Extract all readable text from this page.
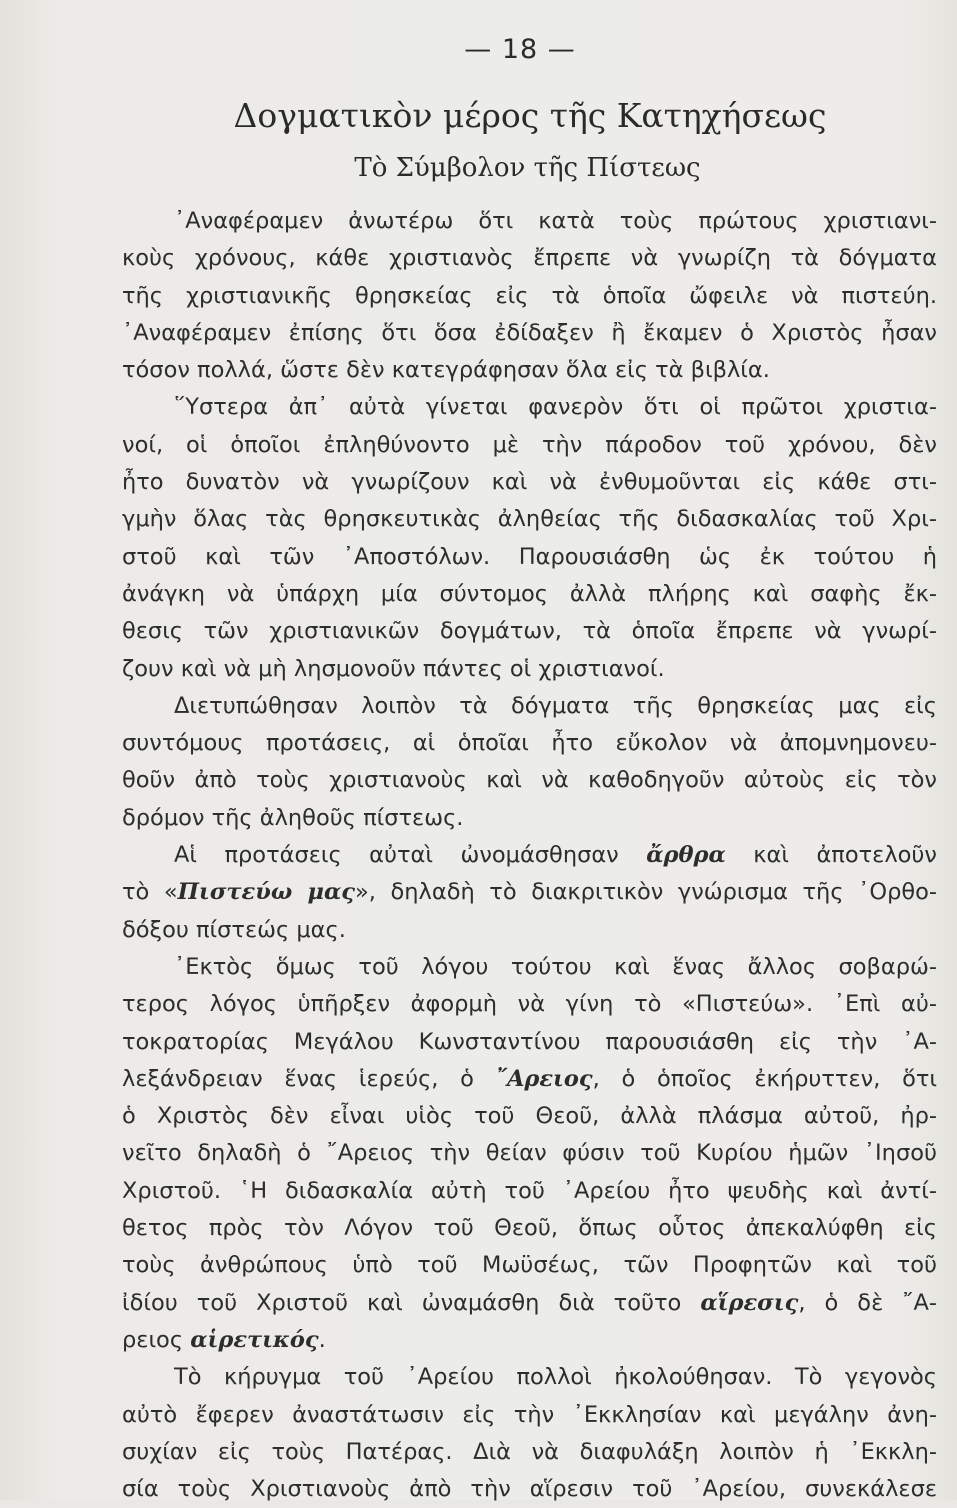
— 18 —
Δογματικὸν μέρος τῆς Κατηχήσεως
Τὸ Σύμβολον τῆς Πίστεως
᾿Αναφέραμεν ἀνωτέρω ὅτι κατὰ τοὺς πρώτους χριστιανι-
κοὺς χρόνους, κάθε χριστιανὸς ἔπρεπε νὰ γνωρίζη τὰ δόγματα
τῆς χριστιανικῆς θρησκείας εἰς τὰ ὁποῖα ὤφειλε νὰ πιστεύη.
᾿Αναφέραμεν ἐπίσης ὅτι ὅσα ἐδίδαξεν ἢ ἔκαμεν ὁ Χριστὸς ἦσαν
τόσον πολλά, ὥστε δὲν κατεγράφησαν ὅλα εἰς τὰ βιβλία.
῞Υστερα ἀπ᾿ αὐτὰ γίνεται φανερὸν ὅτι οἱ πρῶτοι χριστια-
νοί, οἱ ὁποῖοι ἐπληθύνοντο μὲ τὴν πάροδον τοῦ χρόνου, δὲν
ἦτο δυνατὸν νὰ γνωρίζουν καὶ νὰ ἐνθυμοῦνται εἰς κάθε στι-
γμὴν ὅλας τὰς θρησκευτικὰς ἀληθείας τῆς διδασκαλίας τοῦ Χρι-
στοῦ καὶ τῶν ᾿Αποστόλων. Παρουσιάσθη ὡς ἐκ τούτου ἡ
ἀνάγκη νὰ ὑπάρχη μία σύντομος ἀλλὰ πλήρης καὶ σαφὴς ἔκ-
θεσις τῶν χριστιανικῶν δογμάτων, τὰ ὁποῖα ἔπρεπε νὰ γνωρί-
ζουν καὶ νὰ μὴ λησμονοῦν πάντες οἱ χριστιανοί.
Διετυπώθησαν λοιπὸν τὰ δόγματα τῆς θρησκείας μας εἰς
συντόμους προτάσεις, αἱ ὁποῖαι ἦτο εὔκολον νὰ ἀπομνημονευ-
θοῦν ἀπὸ τοὺς χριστιανοὺς καὶ νὰ καθοδηγοῦν αὐτοὺς εἰς τὸν
δρόμον τῆς ἀληθοῦς πίστεως.
Αἱ προτάσεις αὐταὶ ὠνομάσθησαν ἄρθρα καὶ ἀποτελοῦν
τὸ «Πιστεύω μας», δηλαδὴ τὸ διακριτικὸν γνώρισμα τῆς ᾿Ορθο-
δόξου πίστεώς μας.
᾿Εκτὸς ὅμως τοῦ λόγου τούτου καὶ ἕνας ἄλλος σοβαρώ-
τερος λόγος ὑπῆρξεν ἀφορμὴ νὰ γίνη τὸ «Πιστεύω». ᾿Επὶ αὐ-
τοκρατορίας Μεγάλου Κωνσταντίνου παρουσιάσθη εἰς τὴν ᾿Α-
λεξάνδρειαν ἕνας ἱερεύς, ὁ ῎Αρειος, ὁ ὁποῖος ἐκήρυττεν, ὅτι
ὁ Χριστὸς δὲν εἶναι υἱὸς τοῦ Θεοῦ, ἀλλὰ πλάσμα αὐτοῦ, ἠρ-
νεῖτο δηλαδὴ ὁ ῎Αρειος τὴν θείαν φύσιν τοῦ Κυρίου ἡμῶν ᾿Ιησοῦ
Χριστοῦ. ῾Η διδασκαλία αὐτὴ τοῦ ᾿Αρείου ἦτο ψευδὴς καὶ ἀντί-
θετος πρὸς τὸν Λόγον τοῦ Θεοῦ, ὅπως οὗτος ἀπεκαλύφθη εἰς
τοὺς ἀνθρώπους ὑπὸ τοῦ Μωϋσέως, τῶν Προφητῶν καὶ τοῦ
ἰδίου τοῦ Χριστοῦ καὶ ὠναμάσθη διὰ τοῦτο αἵρεσις, ὁ δὲ ῎Α-
ρειος αἱρετικός.
Τὸ κήρυγμα τοῦ ᾿Αρείου πολλοὶ ἠκολούθησαν. Τὸ γεγονὸς
αὐτὸ ἔφερεν ἀναστάτωσιν εἰς τὴν ᾿Εκκλησίαν καὶ μεγάλην ἀνη-
συχίαν εἰς τοὺς Πατέρας. Διὰ νὰ διαφυλάξη λοιπὸν ἡ ᾿Εκκλη-
σία τοὺς Χριστιανοὺς ἀπὸ τὴν αἵρεσιν τοῦ ᾿Αρείου, συνεκάλεσε
